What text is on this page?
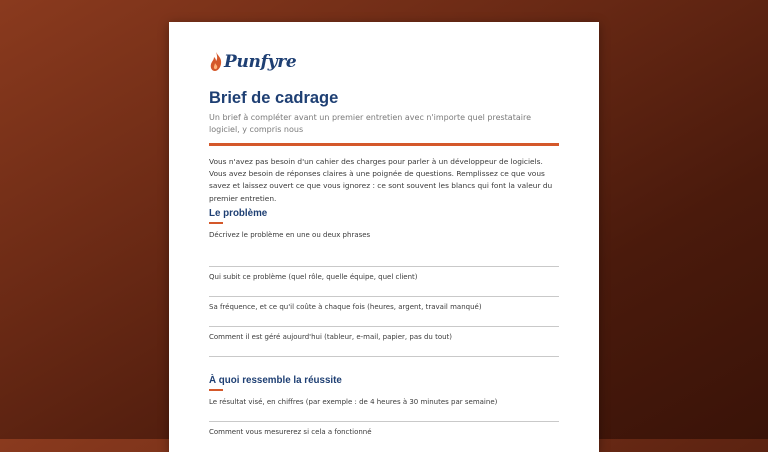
Punfyre
Brief de cadrage

Un brief à compléter avant un premier entretien avec n'importe quel prestataire logiciel, y compris nous

Vous n'avez pas besoin d'un cahier des charges pour parler à un développeur de logiciels. Vous avez besoin de réponses claires à une poignée de questions. Remplissez ce que vous savez et laissez ouvert ce que vous ignorez : ce sont souvent les blancs qui font la valeur du premier entretien.

Le problème

Décrivez le problème en une ou deux phrases

Qui subit ce problème (quel rôle, quelle équipe, quel client)

Sa fréquence, et ce qu'il coûte à chaque fois (heures, argent, travail manqué)

Comment il est géré aujourd'hui (tableur, e-mail, papier, pas du tout)

À quoi ressemble la réussite

Le résultat visé, en chiffres (par exemple : de 4 heures à 30 minutes par semaine)

Comment vous mesurerez si cela a fonctionné
